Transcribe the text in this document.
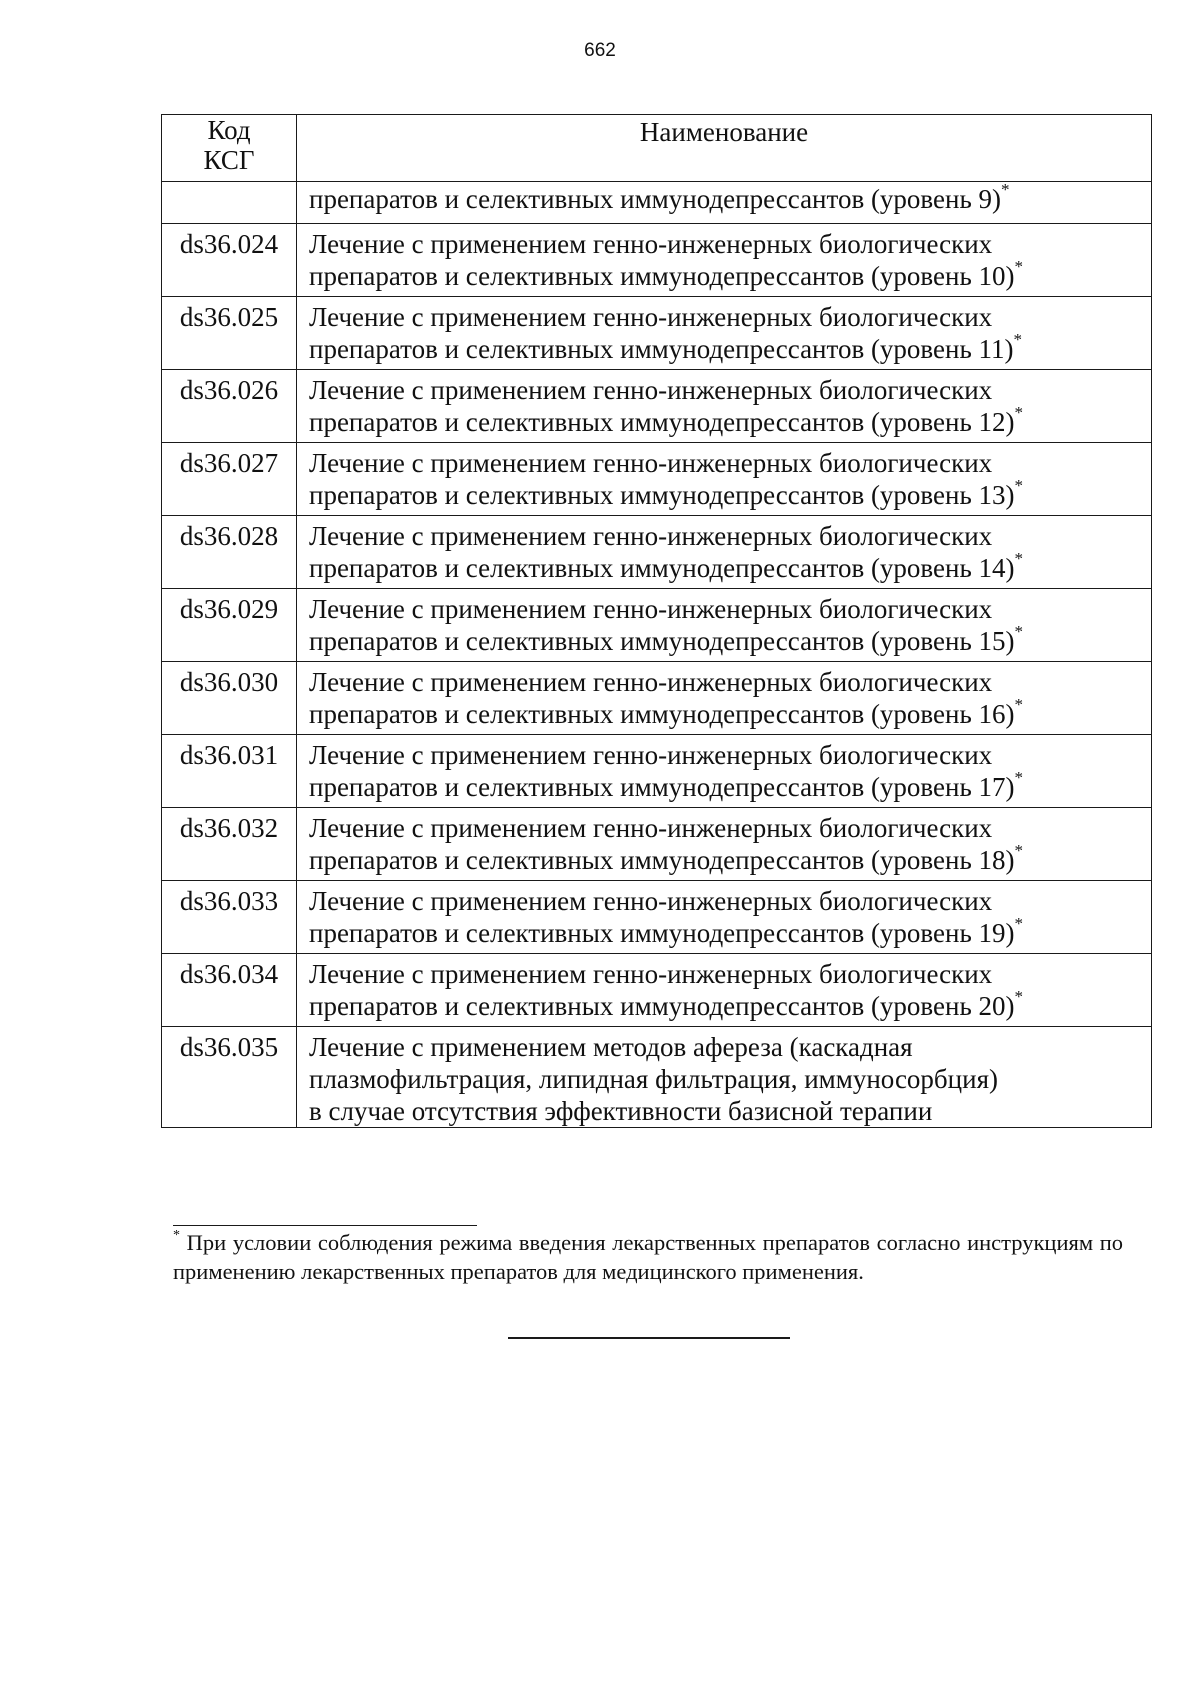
662
Код
КСГ	Наименование
	препаратов и селективных иммунодепрессантов (уровень 9)*
ds36.024	Лечение с применением генно-инженерных биологических
препаратов и селективных иммунодепрессантов (уровень 10)*
ds36.025	Лечение с применением генно-инженерных биологических
препаратов и селективных иммунодепрессантов (уровень 11)*
ds36.026	Лечение с применением генно-инженерных биологических
препаратов и селективных иммунодепрессантов (уровень 12)*
ds36.027	Лечение с применением генно-инженерных биологических
препаратов и селективных иммунодепрессантов (уровень 13)*
ds36.028	Лечение с применением генно-инженерных биологических
препаратов и селективных иммунодепрессантов (уровень 14)*
ds36.029	Лечение с применением генно-инженерных биологических
препаратов и селективных иммунодепрессантов (уровень 15)*
ds36.030	Лечение с применением генно-инженерных биологических
препаратов и селективных иммунодепрессантов (уровень 16)*
ds36.031	Лечение с применением генно-инженерных биологических
препаратов и селективных иммунодепрессантов (уровень 17)*
ds36.032	Лечение с применением генно-инженерных биологических
препаратов и селективных иммунодепрессантов (уровень 18)*
ds36.033	Лечение с применением генно-инженерных биологических
препаратов и селективных иммунодепрессантов (уровень 19)*
ds36.034	Лечение с применением генно-инженерных биологических
препаратов и селективных иммунодепрессантов (уровень 20)*
ds36.035	Лечение с применением методов афереза (каскадная
плазмофильтрация, липидная фильтрация, иммуносорбция)
в случае отсутствия эффективности базисной терапии
* При условии соблюдения режима введения лекарственных препаратов согласно инструкциям по применению лекарственных препаратов для медицинского применения.
